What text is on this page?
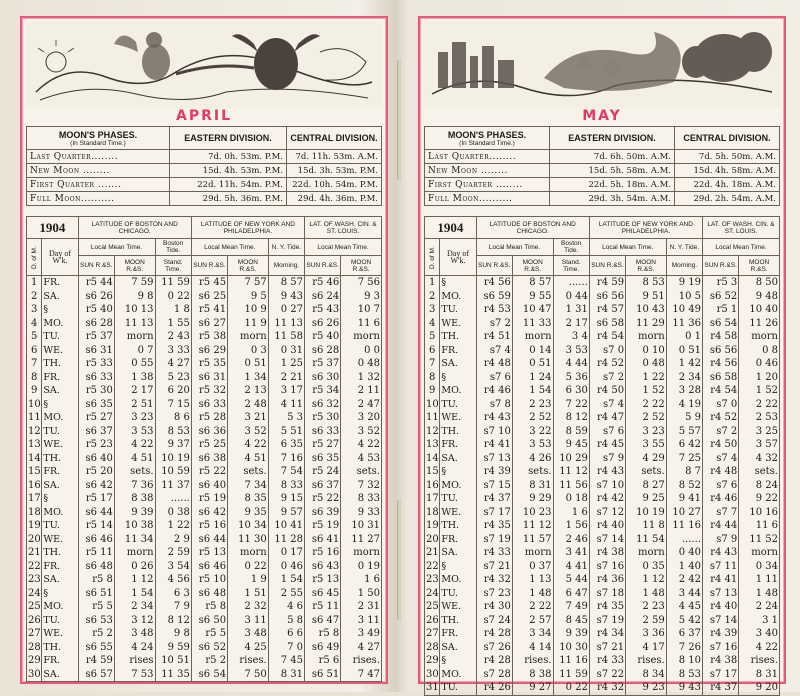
APRIL
MOON'S PHASES.
(In Standard Time.)	EASTERN DIVISION.	CENTRAL DIVISION.
Last Quarter........	7d. 0h. 53m. P.M.	7d. 11h. 53m. A.M.
New Moon ........	15d. 4h. 53m. P.M.	15d. 3h. 53m. P.M.
First Quarter .......	22d. 11h. 54m. P.M.	22d. 10h. 54m. P.M.
Full Moon..........	29d. 5h. 36m. P.M.	29d. 4h. 36m. P.M.
1904		LATITUDE OF BOSTON AND CHICAGO.			LATITUDE OF NEW YORK AND PHILADELPHIA.			LAT. OF WASH. CIN. & ST. LOUIS.	
D. of M.	Day of W'k.	Local Mean Time.		Boston Tide.	Local Mean Time.		N. Y. Tide.	Local Mean Time.	
		SUN R.&S.	MOON R.&S.	Stand. Time.	SUN R.&S.	MOON R.&S.	Morning.	SUN R.&S.	MOON R.&S.
1	FR.	r5 44	7 59	11 59	r5 45	7 57	8 57	r5 46	7 56
2	SA.	s6 26	9 8	0 22	s6 25	9 5	9 43	s6 24	9 3
3	§	r5 40	10 13	1 8	r5 41	10 9	0 27	r5 43	10 7
4	MO.	s6 28	11 13	1 55	s6 27	11 9	11 13	s6 26	11 6
5	TU.	r5 37	morn	2 43	r5 38	morn	11 58	r5 40	morn
6	WE.	s6 31	0 7	3 33	s6 29	0 3	0 31	s6 28	0 0
7	TH.	r5 33	0 55	4 27	r5 35	0 51	1 25	r5 37	0 48
8	FR.	s6 33	1 38	5 23	s6 31	1 34	2 21	s6 30	1 32
9	SA.	r5 30	2 17	6 20	r5 32	2 13	3 17	r5 34	2 11
10	§	s6 35	2 51	7 15	s6 33	2 48	4 11	s6 32	2 47
11	MO.	r5 27	3 23	8 6	r5 28	3 21	5 3	r5 30	3 20
12	TU.	s6 37	3 53	8 53	s6 36	3 52	5 51	s6 33	3 52
13	WE.	r5 23	4 22	9 37	r5 25	4 22	6 35	r5 27	4 22
14	TH.	s6 40	4 51	10 19	s6 38	4 51	7 16	s6 35	4 53
15	FR.	r5 20	sets.	10 59	r5 22	sets.	7 54	r5 24	sets.
16	SA.	s6 42	7 36	11 37	s6 40	7 34	8 33	s6 37	7 32
17	§	r5 17	8 38	......	r5 19	8 35	9 15	r5 22	8 33
18	MO.	s6 44	9 39	0 38	s6 42	9 35	9 57	s6 39	9 33
19	TU.	r5 14	10 38	1 22	r5 16	10 34	10 41	r5 19	10 31
20	WE.	s6 46	11 34	2 9	s6 44	11 30	11 28	s6 41	11 27
21	TH.	r5 11	morn	2 59	r5 13	morn	0 17	r5 16	morn
22	FR.	s6 48	0 26	3 54	s6 46	0 22	0 46	s6 43	0 19
23	SA.	r5 8	1 12	4 56	r5 10	1 9	1 54	r5 13	1 6
24	§	s6 51	1 54	6 3	s6 48	1 51	2 55	s6 45	1 50
25	MO.	r5 5	2 34	7 9	r5 8	2 32	4 6	r5 11	2 31
26	TU.	s6 53	3 12	8 12	s6 50	3 11	5 8	s6 47	3 11
27	WE.	r5 2	3 48	9 8	r5 5	3 48	6 6	r5 8	3 49
28	TH.	s6 55	4 24	9 59	s6 52	4 25	7 0	s6 49	4 27
29	FR.	r4 59	rises	10 51	r5 2	rises.	7 45	r5 6	rises.
30	SA.	s6 57	7 53	11 35	s6 54	7 50	8 31	s6 51	7 47
MAY
MOON'S PHASES.
(In Standard Time.)	EASTERN DIVISION.	CENTRAL DIVISION.
Last Quarter........	7d. 6h. 50m. A.M.	7d. 5h. 50m. A.M.
New Moon ........	15d. 5h. 58m. A.M.	15d. 4h. 58m. A.M.
First Quarter ........	22d. 5h. 18m. A.M.	22d. 4h. 18m. A.M.
Full Moon..........	29d. 3h. 54m. A.M.	29d. 2h. 54m. A.M.
1904		LATITUDE OF BOSTON AND CHICAGO.			LATITUDE OF NEW YORK AND PHILADELPHIA.			LAT. OF WASH. CIN. & ST. LOUIS.	
D. of M.	Day of W'k.	Local Mean Time.		Boston Tide.	Local Mean Time.		N. Y. Tide.	Local Mean Time.	
		SUN R.&S.	MOON R.&S.	Stand. Time.	SUN R.&S.	MOON R.&S.	Morning.	SUN R.&S.	MOON R.&S.
1	§	r4 56	8 57	......	r4 59	8 53	9 19	r5 3	8 50
2	MO.	s6 59	9 55	0 44	s6 56	9 51	10 5	s6 52	9 48
3	TU.	r4 53	10 47	1 31	r4 57	10 43	10 49	r5 1	10 40
4	WE.	s7 2	11 33	2 17	s6 58	11 29	11 36	s6 54	11 26
5	TH.	r4 51	morn	3 4	r4 54	morn	0 1	r4 58	morn
6	FR.	s7 4	0 14	3 53	s7 0	0 10	0 51	s6 56	0 8
7	SA.	r4 48	0 51	4 44	r4 52	0 48	1 42	r4 56	0 46
8	§	s7 6	1 24	5 36	s7 2	1 22	2 34	s6 58	1 20
9	MO.	r4 46	1 54	6 30	r4 50	1 52	3 28	r4 54	1 52
10	TU.	s7 8	2 23	7 22	s7 4	2 22	4 19	s7 0	2 22
11	WE.	r4 43	2 52	8 12	r4 47	2 52	5 9	r4 52	2 53
12	TH.	s7 10	3 22	8 59	s7 6	3 23	5 57	s7 2	3 25
13	FR.	r4 41	3 53	9 45	r4 45	3 55	6 42	r4 50	3 57
14	SA.	s7 13	4 26	10 29	s7 9	4 29	7 25	s7 4	4 32
15	§	r4 39	sets.	11 12	r4 43	sets.	8 7	r4 48	sets.
16	MO.	s7 15	8 31	11 56	s7 10	8 27	8 52	s7 6	8 24
17	TU.	r4 37	9 29	0 18	r4 42	9 25	9 41	r4 46	9 22
18	WE.	s7 17	10 23	1 6	s7 12	10 19	10 27	s7 7	10 16
19	TH.	r4 35	11 12	1 56	r4 40	11 8	11 16	r4 44	11 6
20	FR.	s7 19	11 57	2 46	s7 14	11 54	......	s7 9	11 52
21	SA.	r4 33	morn	3 41	r4 38	morn	0 40	r4 43	morn
22	§	s7 21	0 37	4 41	s7 16	0 35	1 40	s7 11	0 34
23	MO.	r4 32	1 13	5 44	r4 36	1 12	2 42	r4 41	1 11
24	TU.	s7 23	1 48	6 47	s7 18	1 48	3 44	s7 13	1 48
25	WE.	r4 30	2 22	7 49	r4 35	2 23	4 45	r4 40	2 24
26	TH.	s7 24	2 57	8 45	s7 19	2 59	5 42	s7 14	3 1
27	FR.	r4 28	3 34	9 39	r4 34	3 36	6 37	r4 39	3 40
28	SA.	s7 26	4 14	10 30	s7 21	4 17	7 26	s7 16	4 22
29	§	r4 28	rises.	11 16	r4 33	rises.	8 10	r4 38	rises.
30	MO.	s7 28	8 38	11 59	s7 22	8 34	8 53	s7 17	8 31
31	TU.	r4 26	9 27	0 22	r4 32	9 23	9 43	r4 37	9 20
